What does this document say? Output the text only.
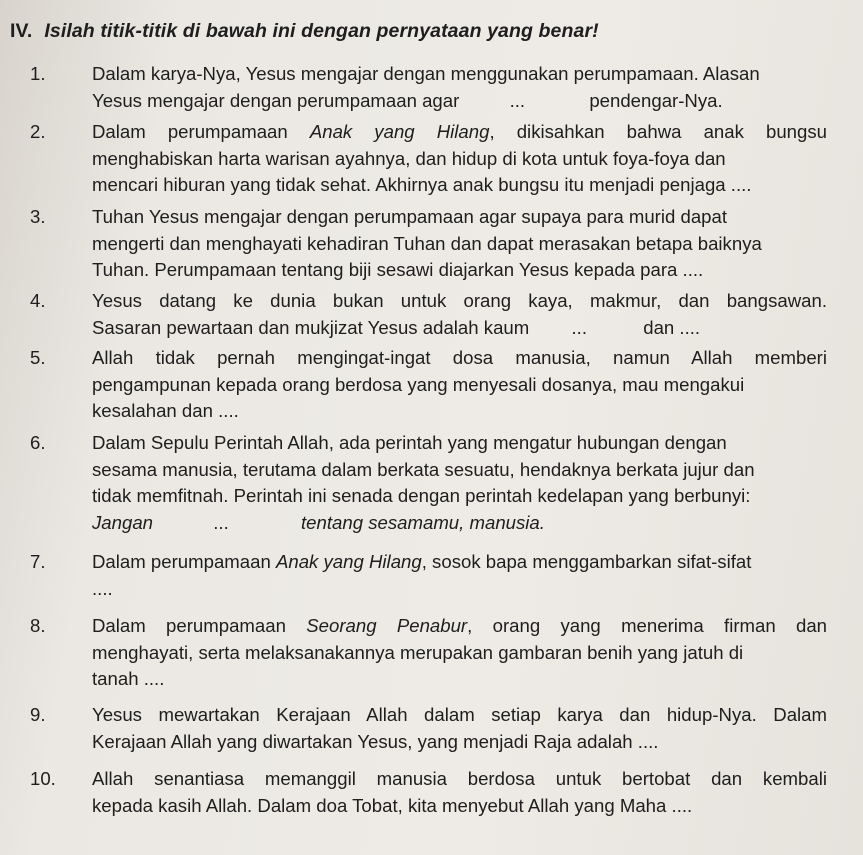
IV. Isilah titik-titik di bawah ini dengan pernyataan yang benar!
1. Dalam karya-Nya, Yesus mengajar dengan menggunakan perumpamaan. Alasan
Yesus mengajar dengan perumpamaan agar	...	pendengar-Nya.
2. Dalam perumpamaan Anak yang Hilang, dikisahkan bahwa anak bungsu
menghabiskan harta warisan ayahnya, dan hidup di kota untuk foya-foya dan
mencari hiburan yang tidak sehat. Akhirnya anak bungsu itu menjadi penjaga ....
3. Tuhan Yesus mengajar dengan perumpamaan agar supaya para murid dapat
mengerti dan menghayati kehadiran Tuhan dan dapat merasakan betapa baiknya
Tuhan. Perumpamaan tentang biji sesawi diajarkan Yesus kepada para ....
4. Yesus datang ke dunia bukan untuk orang kaya, makmur, dan bangsawan.
Sasaran pewartaan dan mukjizat Yesus adalah kaum ...	dan ....
5. Allah tidak pernah mengingat-ingat dosa manusia, namun Allah memberi
pengampunan kepada orang berdosa yang menyesali dosanya, mau mengakui
kesalahan dan ....
6. Dalam Sepulu Perintah Allah, ada perintah yang mengatur hubungan dengan
sesama manusia, terutama dalam berkata sesuatu, hendaknya berkata jujur dan
tidak memfitnah. Perintah ini senada dengan perintah kedelapan yang berbunyi:
Jangan	...	tentang sesamamu, manusia.
7. Dalam perumpamaan Anak yang Hilang, sosok bapa menggambarkan sifat-sifat
....
8. Dalam perumpamaan Seorang Penabur, orang yang menerima firman dan
menghayati, serta melaksanakannya merupakan gambaran benih yang jatuh di
tanah ....
9. Yesus mewartakan Kerajaan Allah dalam setiap karya dan hidup-Nya. Dalam
Kerajaan Allah yang diwartakan Yesus, yang menjadi Raja adalah ....
10. Allah senantiasa memanggil manusia berdosa untuk bertobat dan kembali
kepada kasih Allah. Dalam doa Tobat, kita menyebut Allah yang Maha ....
